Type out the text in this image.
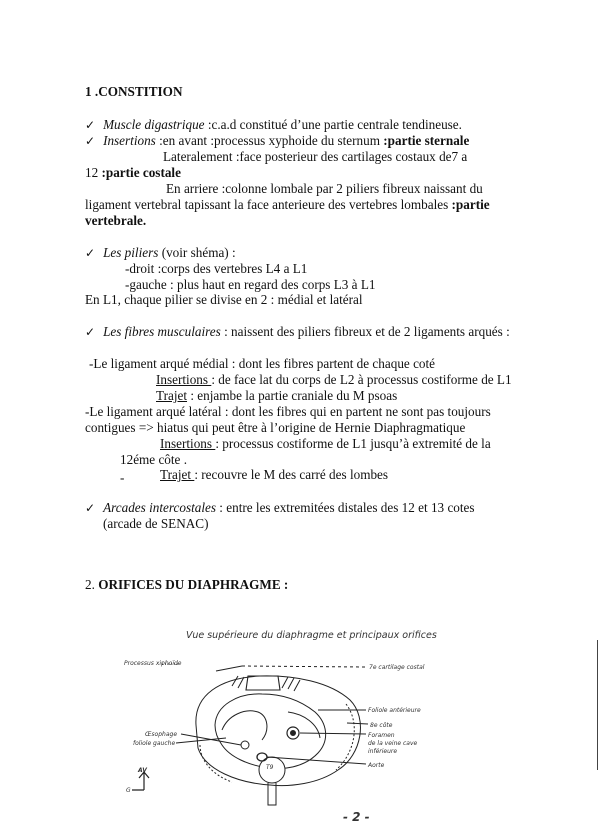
1 .CONSTITION
✓ Muscle digastrique :c.a.d constitué d’une partie centrale tendineuse.
✓ Insertions :en avant :processus xyphoide du sternum :partie sternale
Lateralement :face posterieur des cartilages costaux de7 a
12 :partie costale
En arriere :colonne lombale par 2 piliers fibreux naissant du
ligament vertebral tapissant la face anterieure des vertebres lombales :partie
vertebrale.
✓ Les piliers (voir shéma) :
-droit :corps des vertebres L4 a L1
-gauche : plus haut en regard des corps L3 à L1
En L1, chaque pilier se divise en 2 : médial et latéral
✓ Les fibres musculaires : naissent des piliers fibreux et de 2 ligaments arqués :
-Le ligament arqué médial : dont les fibres partent de chaque coté
Insertions : de face lat du corps de L2 à processus costiforme de L1
Trajet : enjambe la partie craniale du M psoas
-Le ligament arqué latéral : dont les fibres qui en partent ne sont pas toujours
contigues => hiatus qui peut être à l’origine de Hernie Diaphragmatique
Insertions : processus costiforme de L1 jusqu’à extremité de la
12éme côte .
-	Trajet : recouvre le M des carré des lombes
✓ Arcades intercostales : entre les extremitées distales des 12 et 13 cotes
(arcade de SENAC)
2. ORIFICES DU DIAPHRAGME :
Vue supérieure du diaphragme et principaux orifices
Processus xiphoïde
7e cartilage costal
Foliole antérieure
8e côte
Foramen
de la veine cave
inférieure
Aorte
Œsophage
foliole gauche
AV
G
T9
- 2 -
